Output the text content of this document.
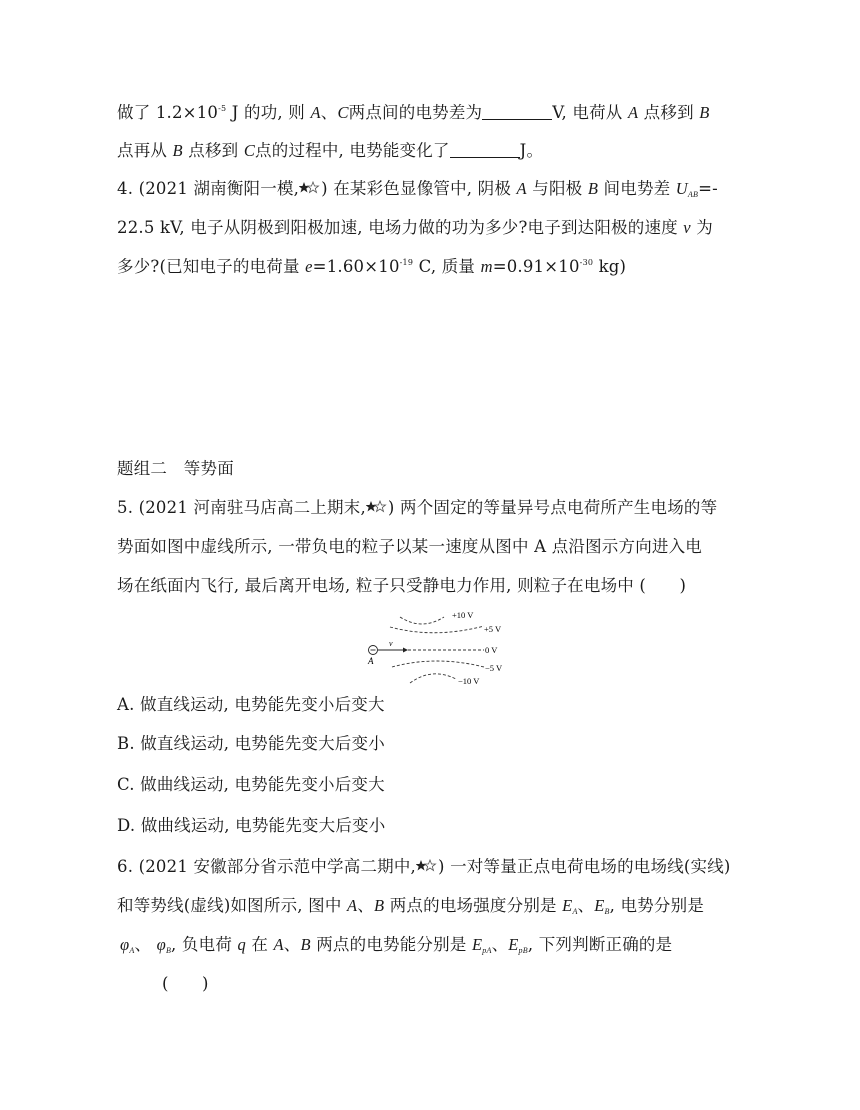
做了 $1.2\times 10^{-5}$ J 的功, 则 A、C两点间的电势差为	V, 电荷从 A 点移到 B
点再从 B 点移到 C点的过程中, 电势能变化了	J。
4. (2021 湖南衡阳一模, ) 在某彩色显像管中, 阴极 A 与阳极 B 间电势差 $U_{AB}=-$
22.5 kV, 电子从阴极到阳极加速, 电场力做的功为多少?电子到达阳极的速度 v 为
多少?(已知电子的电荷量 $e=1.60\times 10^{-19}$ C, 质量 $m=0.91\times 10^{-30}$ kg)
题组二　等势面
5. (2021 河南驻马店高二上期末, ) 两个固定的等量异号点电荷所产生电场的等
势面如图中虚线所示, 一带负电的粒子以某一速度从图中 A 点沿图示方向进入电
场在纸面内飞行, 最后离开电场, 粒子只受静电力作用, 则粒子在电场中 (　　)
v
A
+10 V
+5 V
0 V
−5 V
−10 V
A. 做直线运动, 电势能先变小后变大
B. 做直线运动, 电势能先变大后变小
C. 做曲线运动, 电势能先变小后变大
D. 做曲线运动, 电势能先变大后变小
6. (2021 安徽部分省示范中学高二期中, ) 一对等量正点电荷电场的电场线(实线)
和等势线(虚线)如图所示, 图中 A、B 两点的电场强度分别是 $E_A$、$E_B$, 电势分别是
$\varphi_A$、 $\varphi_B$, 负电荷 q 在 A、B 两点的电势能分别是 $E_{pA}$、$E_{pB}$, 下列判断正确的是
(　　)
